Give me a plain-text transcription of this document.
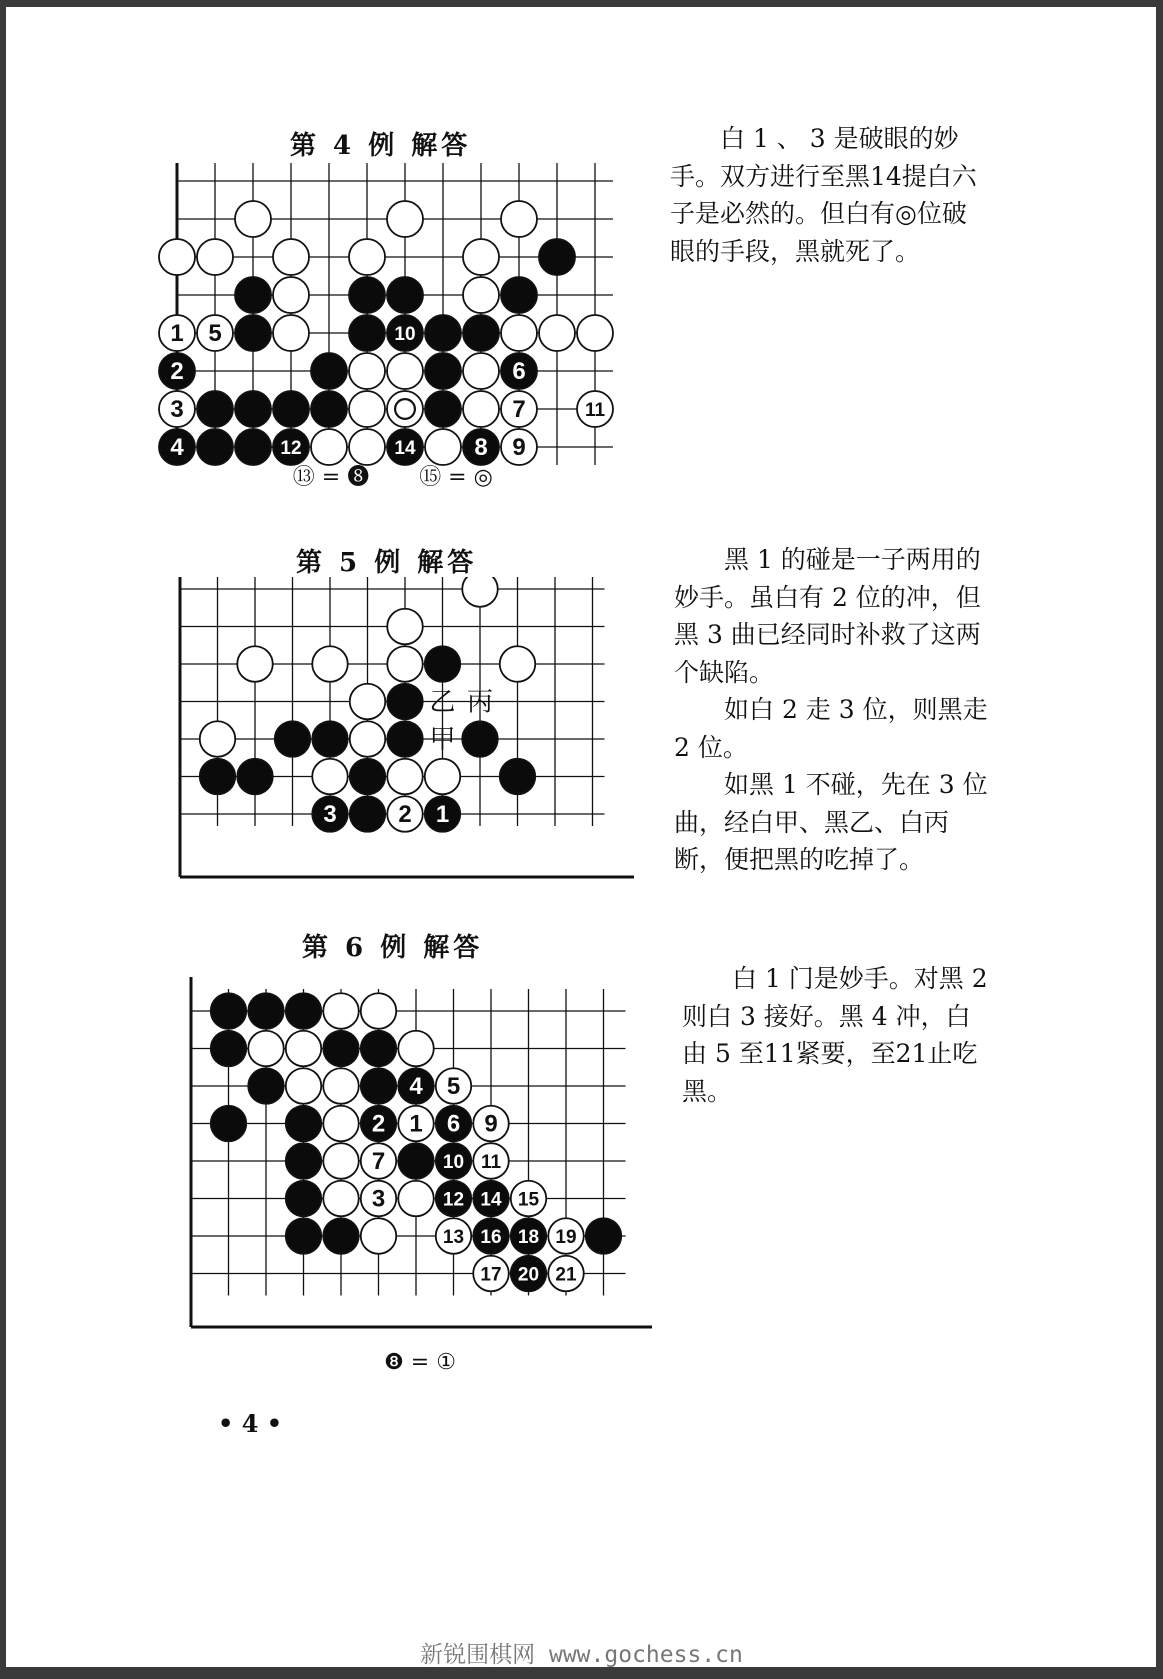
第 4 例 解答
⑬ = ❽ ⑮ = ◎
1 5	10
2	6
3	7	11
4	12	14 8 9

白 1 、 3 是破眼的妙手。双方进行至黑14提白六子是必然的。但白有◎位破眼的手段，黑就死了。

第 5 例 解答
3	2 1
乙 丙
甲

黑 1 的碰是一子两用的妙手。虽白有 2 位的冲，但黑 3 曲已经同时补救了这两个缺陷。

如白 2 走 3 位，则黑走 2 位。

如黑 1 不碰，先在 3 位曲，经白甲、黑乙、白丙断，便把黑的吃掉了。

第 6 例 解答
❽ = ①
4 5
2 1 6 9
7	10 11
3	12 14 15
13 16 18 19
17 20 21

白 1 门是妙手。对黑 2 则白 3 接好。黑 4 冲，白由 5 至11紧要，至21止吃黑。

• 4 •
新锐围棋网 www.gochess.cn
